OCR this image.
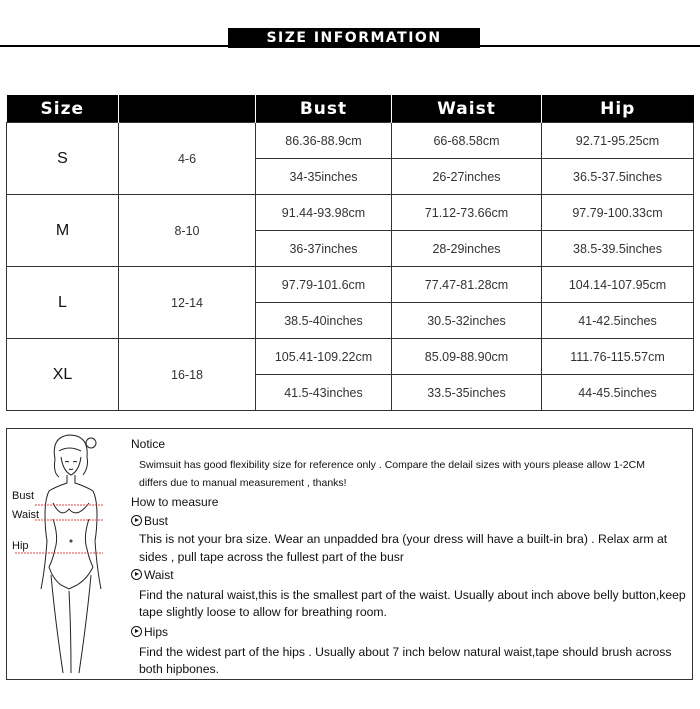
SIZE INFORMATION
Size		Bust	Waist	Hip
S	4-6	86.36-88.9cm	66-68.58cm	92.71-95.25cm
		34-35inches	26-27inches	36.5-37.5inches
M	8-10	91.44-93.98cm	71.12-73.66cm	97.79-100.33cm
		36-37inches	28-29inches	38.5-39.5inches
L	12-14	97.79-101.6cm	77.47-81.28cm	104.14-107.95cm
		38.5-40inches	30.5-32inches	41-42.5inches
XL	16-18	105.41-109.22cm	85.09-88.90cm	111.76-115.57cm
		41.5-43inches	33.5-35inches	44-45.5inches
Bust
Waist
Hip
Notice
Swimsuit has good flexibility size for reference only . Compare the delail sizes with yours please allow 1-2CM
differs due to manual measurement , thanks!
How to measure
Bust
This is not your bra size. Wear an unpadded bra (your dress will have a built-in bra) . Relax arm at
sides , pull tape across the fullest part of the busr
Waist
Find the natural waist,this is the smallest part of the waist. Usually about inch above belly button,keep
tape slightly loose to allow for breathing room.
Hips
Find the widest part of the hips . Usually about 7 inch below natural waist,tape should brush across
both hipbones.
